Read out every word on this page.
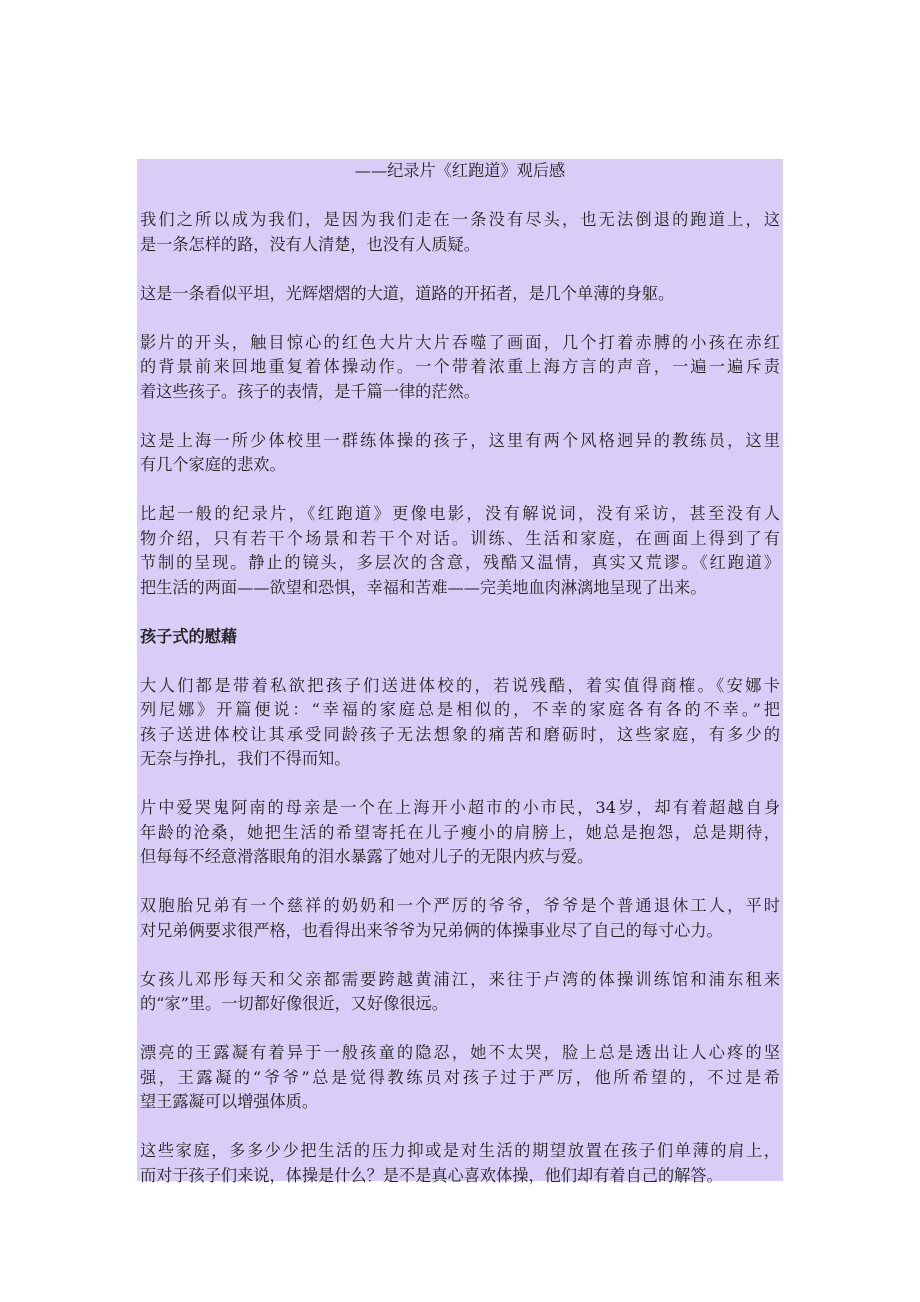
——纪录片《红跑道》观后感
我们之所以成为我们，是因为我们走在一条没有尽头，也无法倒退的跑道上，这
是一条怎样的路，没有人清楚，也没有人质疑。
这是一条看似平坦，光辉熠熠的大道，道路的开拓者，是几个单薄的身躯。
影片的开头，触目惊心的红色大片大片吞噬了画面，几个打着赤膊的小孩在赤红
的背景前来回地重复着体操动作。一个带着浓重上海方言的声音，一遍一遍斥责
着这些孩子。孩子的表情，是千篇一律的茫然。
这是上海一所少体校里一群练体操的孩子，这里有两个风格迥异的教练员，这里
有几个家庭的悲欢。
比起一般的纪录片，《红跑道》更像电影，没有解说词，没有采访，甚至没有人
物介绍，只有若干个场景和若干个对话。训练、生活和家庭，在画面上得到了有
节制的呈现。静止的镜头，多层次的含意，残酷又温情，真实又荒谬。《红跑道》
把生活的两面——欲望和恐惧，幸福和苦难——完美地血肉淋漓地呈现了出来。
孩子式的慰藉
大人们都是带着私欲把孩子们送进体校的，若说残酷，着实值得商榷。《安娜卡
列尼娜》开篇便说：“幸福的家庭总是相似的，不幸的家庭各有各的不幸。”把
孩子送进体校让其承受同龄孩子无法想象的痛苦和磨砺时，这些家庭，有多少的
无奈与挣扎，我们不得而知。
片中爱哭鬼阿南的母亲是一个在上海开小超市的小市民，34岁，却有着超越自身
年龄的沧桑，她把生活的希望寄托在儿子瘦小的肩膀上，她总是抱怨，总是期待，
但每每不经意滑落眼角的泪水暴露了她对儿子的无限内疚与爱。
双胞胎兄弟有一个慈祥的奶奶和一个严厉的爷爷，爷爷是个普通退休工人，平时
对兄弟俩要求很严格，也看得出来爷爷为兄弟俩的体操事业尽了自己的每寸心力。
女孩儿邓彤每天和父亲都需要跨越黄浦江，来往于卢湾的体操训练馆和浦东租来
的“家”里。一切都好像很近，又好像很远。
漂亮的王露凝有着异于一般孩童的隐忍，她不太哭，脸上总是透出让人心疼的坚
强，王露凝的“爷爷”总是觉得教练员对孩子过于严厉，他所希望的，不过是希
望王露凝可以增强体质。
这些家庭，多多少少把生活的压力抑或是对生活的期望放置在孩子们单薄的肩上，
而对于孩子们来说，体操是什么？是不是真心喜欢体操，他们却有着自己的解答。
